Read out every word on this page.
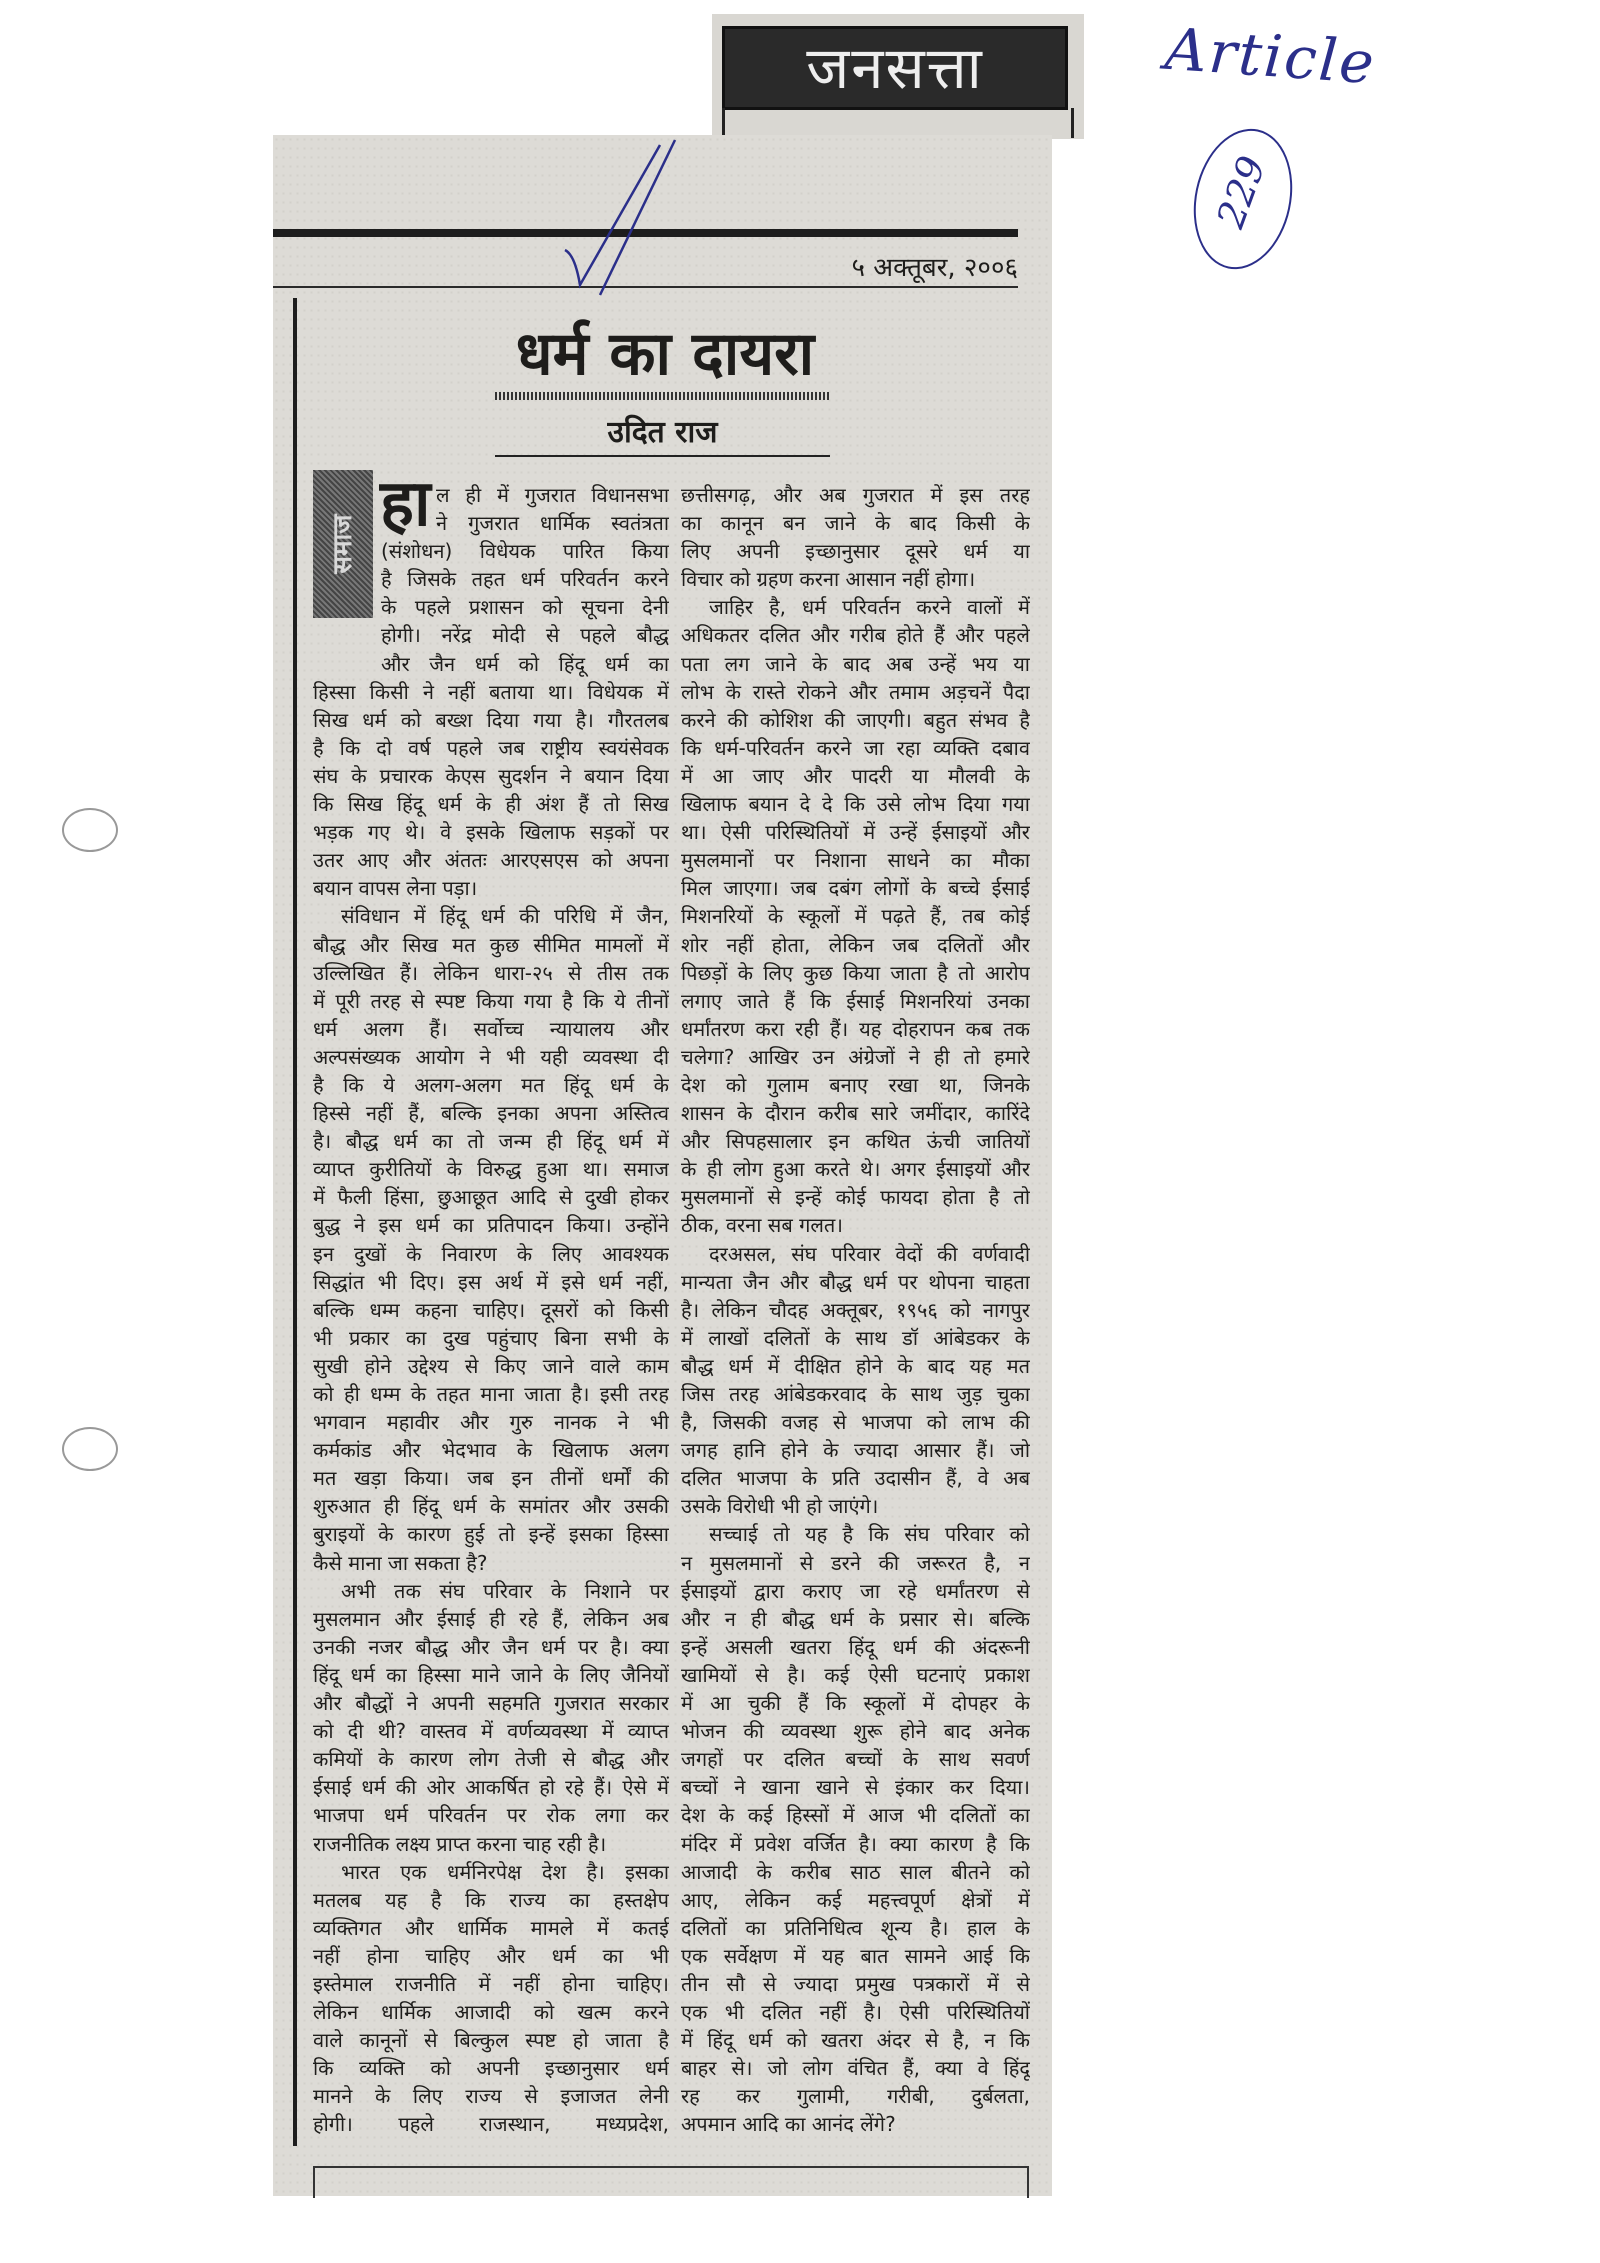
जनसत्ता
५ अक्तूबर, २००६
धर्म का दायरा
उदित राज
समाज
हा ल ही में गुजरात विधानसभा
ने गुजरात धार्मिक स्वतंत्रता
(संशोधन) विधेयक पारित किया
है जिसके तहत धर्म परिवर्तन करने
के पहले प्रशासन को सूचना देनी
होगी। नरेंद्र मोदी से पहले बौद्ध
और जैन धर्म को हिंदू धर्म का
हिस्सा किसी ने नहीं बताया था। विधेयक में
सिख धर्म को बख्श दिया गया है। गौरतलब
है कि दो वर्ष पहले जब राष्ट्रीय स्वयंसेवक
संघ के प्रचारक केएस सुदर्शन ने बयान दिया
कि सिख हिंदू धर्म के ही अंश हैं तो सिख
भड़क गए थे। वे इसके खिलाफ सड़कों पर
उतर आए और अंततः आरएसएस को अपना
बयान वापस लेना पड़ा।
संविधान में हिंदू धर्म की परिधि में जैन,
बौद्ध और सिख मत कुछ सीमित मामलों में
उल्लिखित हैं। लेकिन धारा-२५ से तीस तक
में पूरी तरह से स्पष्ट किया गया है कि ये तीनों
धर्म अलग हैं। सर्वोच्च न्यायालय और
अल्पसंख्यक आयोग ने भी यही व्यवस्था दी
है कि ये अलग-अलग मत हिंदू धर्म के
हिस्से नहीं हैं, बल्कि इनका अपना अस्तित्व
है। बौद्ध धर्म का तो जन्म ही हिंदू धर्म में
व्याप्त कुरीतियों के विरुद्ध हुआ था। समाज
में फैली हिंसा, छुआछूत आदि से दुखी होकर
बुद्ध ने इस धर्म का प्रतिपादन किया। उन्होंने
इन दुखों के निवारण के लिए आवश्यक
सिद्धांत भी दिए। इस अर्थ में इसे धर्म नहीं,
बल्कि धम्म कहना चाहिए। दूसरों को किसी
भी प्रकार का दुख पहुंचाए बिना सभी के
सुखी होने उद्देश्य से किए जाने वाले काम
को ही धम्म के तहत माना जाता है। इसी तरह
भगवान महावीर और गुरु नानक ने भी
कर्मकांड और भेदभाव के खिलाफ अलग
मत खड़ा किया। जब इन तीनों धर्मों की
शुरुआत ही हिंदू धर्म के समांतर और उसकी
बुराइयों के कारण हुई तो इन्हें इसका हिस्सा
कैसे माना जा सकता है?
अभी तक संघ परिवार के निशाने पर
मुसलमान और ईसाई ही रहे हैं, लेकिन अब
उनकी नजर बौद्ध और जैन धर्म पर है। क्या
हिंदू धर्म का हिस्सा माने जाने के लिए जैनियों
और बौद्धों ने अपनी सहमति गुजरात सरकार
को दी थी? वास्तव में वर्णव्यवस्था में व्याप्त
कमियों के कारण लोग तेजी से बौद्ध और
ईसाई धर्म की ओर आकर्षित हो रहे हैं। ऐसे में
भाजपा धर्म परिवर्तन पर रोक लगा कर
राजनीतिक लक्ष्य प्राप्त करना चाह रही है।
भारत एक धर्मनिरपेक्ष देश है। इसका
मतलब यह है कि राज्य का हस्तक्षेप
व्यक्तिगत और धार्मिक मामले में कतई
नहीं होना चाहिए और धर्म का भी
इस्तेमाल राजनीति में नहीं होना चाहिए।
लेकिन धार्मिक आजादी को खत्म करने
वाले कानूनों से बिल्कुल स्पष्ट हो जाता है
कि व्यक्ति को अपनी इच्छानुसार धर्म
मानने के लिए राज्य से इजाजत लेनी
होगी। पहले राजस्थान, मध्यप्रदेश,
छत्तीसगढ़, और अब गुजरात में इस तरह
का कानून बन जाने के बाद किसी के
लिए अपनी इच्छानुसार दूसरे धर्म या
विचार को ग्रहण करना आसान नहीं होगा।
जाहिर है, धर्म परिवर्तन करने वालों में
अधिकतर दलित और गरीब होते हैं और पहले
पता लग जाने के बाद अब उन्हें भय या
लोभ के रास्ते रोकने और तमाम अड़चनें पैदा
करने की कोशिश की जाएगी। बहुत संभव है
कि धर्म-परिवर्तन करने जा रहा व्यक्ति दबाव
में आ जाए और पादरी या मौलवी के
खिलाफ बयान दे दे कि उसे लोभ दिया गया
था। ऐसी परिस्थितियों में उन्हें ईसाइयों और
मुसलमानों पर निशाना साधने का मौका
मिल जाएगा। जब दबंग लोगों के बच्चे ईसाई
मिशनरियों के स्कूलों में पढ़ते हैं, तब कोई
शोर नहीं होता, लेकिन जब दलितों और
पिछड़ों के लिए कुछ किया जाता है तो आरोप
लगाए जाते हैं कि ईसाई मिशनरियां उनका
धर्मांतरण करा रही हैं। यह दोहरापन कब तक
चलेगा? आखिर उन अंग्रेजों ने ही तो हमारे
देश को गुलाम बनाए रखा था, जिनके
शासन के दौरान करीब सारे जमींदार, कारिंदे
और सिपहसालार इन कथित ऊंची जातियों
के ही लोग हुआ करते थे। अगर ईसाइयों और
मुसलमानों से इन्हें कोई फायदा होता है तो
ठीक, वरना सब गलत।
दरअसल, संघ परिवार वेदों की वर्णवादी
मान्यता जैन और बौद्ध धर्म पर थोपना चाहता
है। लेकिन चौदह अक्तूबर, १९५६ को नागपुर
में लाखों दलितों के साथ डॉ आंबेडकर के
बौद्ध धर्म में दीक्षित होने के बाद यह मत
जिस तरह आंबेडकरवाद के साथ जुड़ चुका
है, जिसकी वजह से भाजपा को लाभ की
जगह हानि होने के ज्यादा आसार हैं। जो
दलित भाजपा के प्रति उदासीन हैं, वे अब
उसके विरोधी भी हो जाएंगे।
सच्चाई तो यह है कि संघ परिवार को
न मुसलमानों से डरने की जरूरत है, न
ईसाइयों द्वारा कराए जा रहे धर्मांतरण से
और न ही बौद्ध धर्म के प्रसार से। बल्कि
इन्हें असली खतरा हिंदू धर्म की अंदरूनी
खामियों से है। कई ऐसी घटनाएं प्रकाश
में आ चुकी हैं कि स्कूलों में दोपहर के
भोजन की व्यवस्था शुरू होने बाद अनेक
जगहों पर दलित बच्चों के साथ सवर्ण
बच्चों ने खाना खाने से इंकार कर दिया।
देश के कई हिस्सों में आज भी दलितों का
मंदिर में प्रवेश वर्जित है। क्या कारण है कि
आजादी के करीब साठ साल बीतने को
आए, लेकिन कई महत्त्वपूर्ण क्षेत्रों में
दलितों का प्रतिनिधित्व शून्य है। हाल के
एक सर्वेक्षण में यह बात सामने आई कि
तीन सौ से ज्यादा प्रमुख पत्रकारों में से
एक भी दलित नहीं है। ऐसी परिस्थितियों
में हिंदू धर्म को खतरा अंदर से है, न कि
बाहर से। जो लोग वंचित हैं, क्या वे हिंदू
रह कर गुलामी, गरीबी, दुर्बलता,
अपमान आदि का आनंद लेंगे?
Article
229
